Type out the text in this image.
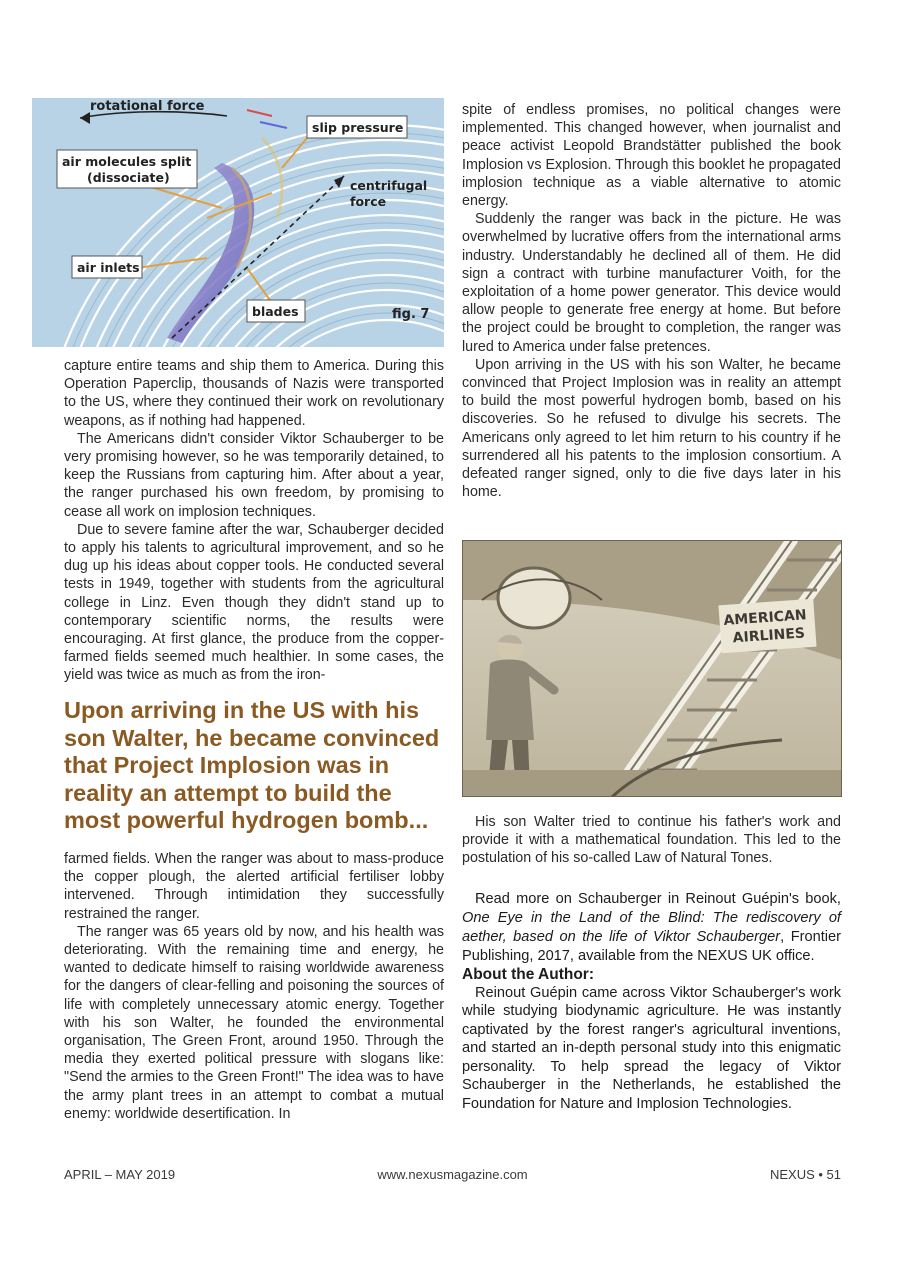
rotational force
slip pressure
air molecules split
(dissociate)
centrifugal
force
air inlets
blades	fig. 7

capture entire teams and ship them to America. During this Operation Paperclip, thousands of Nazis were transported to the US, where they continued their work on revolutionary weapons, as if nothing had happened.

The Americans didn't consider Viktor Schauberger to be very promising however, so he was temporarily detained, to keep the Russians from capturing him. After about a year, the ranger purchased his own freedom, by promising to cease all work on implosion techniques.

Due to severe famine after the war, Schauberger decided to apply his talents to agricultural improvement, and so he dug up his ideas about copper tools. He conducted several tests in 1949, together with students from the agricultural college in Linz. Even though they didn't stand up to contemporary scientific norms, the results were encouraging. At first glance, the produce from the copper-farmed fields seemed much healthier. In some cases, the yield was twice as much as from the iron-

Upon arriving in the US with his son Walter, he became convinced that Project Implosion was in reality an attempt to build the most powerful hydrogen bomb...

farmed fields. When the ranger was about to mass-produce the copper plough, the alerted artificial fertiliser lobby intervened. Through intimidation they successfully restrained the ranger.

The ranger was 65 years old by now, and his health was deteriorating. With the remaining time and energy, he wanted to dedicate himself to raising worldwide awareness for the dangers of clear-felling and poisoning the sources of life with completely unnecessary atomic energy. Together with his son Walter, he founded the environmental organisation, The Green Front, around 1950. Through the media they exerted political pressure with slogans like: "Send the armies to the Green Front!" The idea was to have the army plant trees in an attempt to combat a mutual enemy: worldwide desertification. In

spite of endless promises, no political changes were implemented. This changed however, when journalist and peace activist Leopold Brandstätter published the book Implosion vs Explosion. Through this booklet he propagated implosion technique as a viable alternative to atomic energy.

Suddenly the ranger was back in the picture. He was overwhelmed by lucrative offers from the international arms industry. Understandably he declined all of them. He did sign a contract with turbine manufacturer Voith, for the exploitation of a home power generator. This device would allow people to generate free energy at home. But before the project could be brought to completion, the ranger was lured to America under false pretences.

Upon arriving in the US with his son Walter, he became convinced that Project Implosion was in reality an attempt to build the most powerful hydrogen bomb, based on his discoveries. So he refused to divulge his secrets. The Americans only agreed to let him return to his country if he surrendered all his patents to the implosion consortium. A defeated ranger signed, only to die five days later in his home.

AMERICAN
AIRLINES

His son Walter tried to continue his father's work and provide it with a mathematical foundation. This led to the postulation of his so-called Law of Natural Tones.

Read more on Schauberger in Reinout Guépin's book, One Eye in the Land of the Blind: The rediscovery of aether, based on the life of Viktor Schauberger, Frontier Publishing, 2017, available from the NEXUS UK office.

About the Author:

Reinout Guépin came across Viktor Schauberger's work while studying biodynamic agriculture. He was instantly captivated by the forest ranger's agricultural inventions, and started an in-depth personal study into this enigmatic personality. To help spread the legacy of Viktor Schauberger in the Netherlands, he established the Foundation for Nature and Implosion Technologies.

APRIL – MAY 2019	www.nexusmagazine.com	NEXUS • 51
